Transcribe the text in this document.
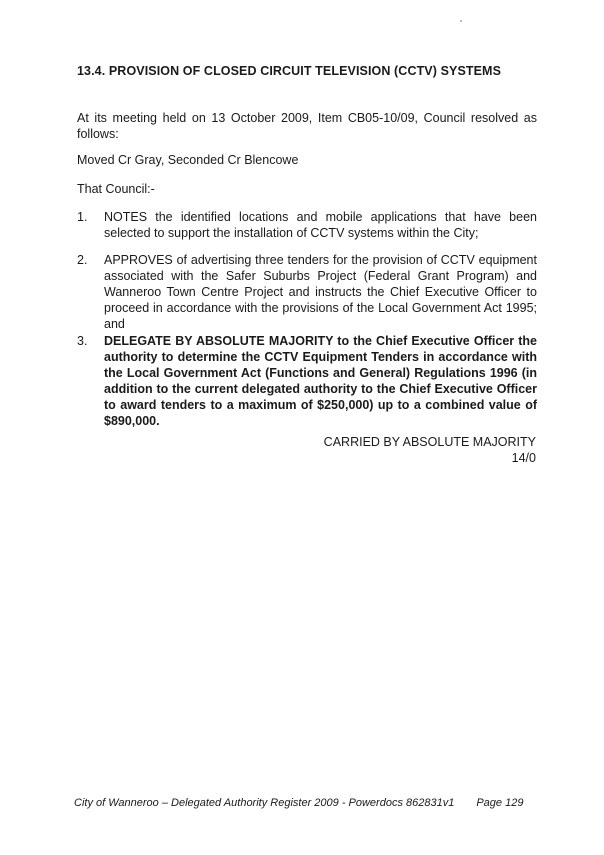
13.4. PROVISION OF CLOSED CIRCUIT TELEVISION (CCTV) SYSTEMS
At its meeting held on 13 October 2009, Item CB05-10/09, Council resolved as follows:
Moved Cr Gray, Seconded Cr Blencowe
That Council:-
1.	NOTES the identified locations and mobile applications that have been selected to support the installation of CCTV systems within the City;
2.	APPROVES of advertising three tenders for the provision of CCTV equipment associated with the Safer Suburbs Project (Federal Grant Program) and Wanneroo Town Centre Project and instructs the Chief Executive Officer to proceed in accordance with the provisions of the Local Government Act 1995; and
3.	DELEGATE BY ABSOLUTE MAJORITY to the Chief Executive Officer the authority to determine the CCTV Equipment Tenders in accordance with the Local Government Act (Functions and General) Regulations 1996 (in addition to the current delegated authority to the Chief Executive Officer to award tenders to a maximum of $250,000) up to a combined value of $890,000.
CARRIED BY ABSOLUTE MAJORITY
14/0
City of Wanneroo – Delegated Authority Register 2009 - Powerdocs 862831v1 Page 129
